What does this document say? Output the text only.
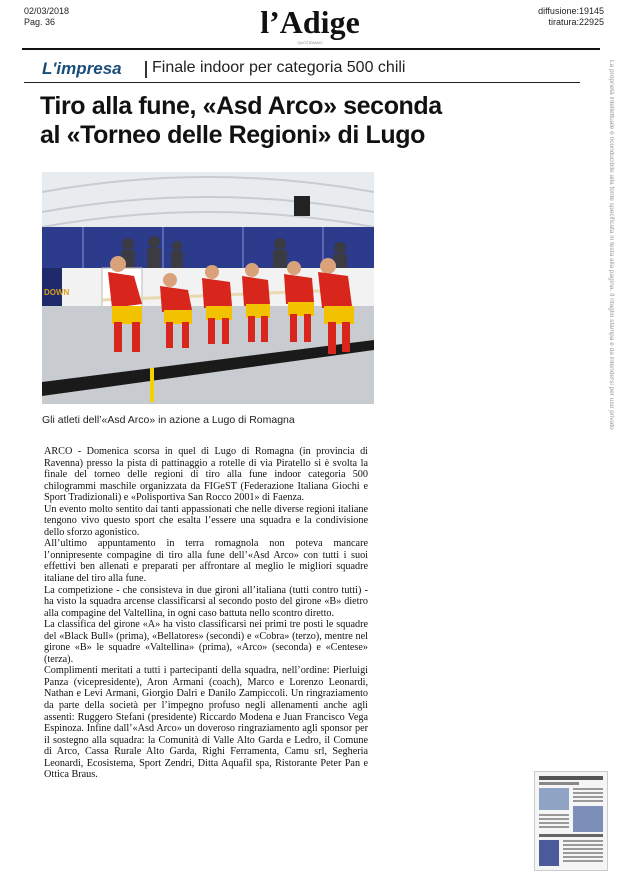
02/03/2018
Pag. 36	l’Adige
QUOTIDIANO
diffusione:19145
tiratura:22925
La proprietà intellettuale è riconducibile alla fonte specificata in testa alla pagina. Il ritaglio stampa è da intendersi per uso privato
L'impresa Finale indoor per categoria 500 chili
Tiro alla fune, «Asd Arco» seconda
al «Torneo delle Regioni» di Lugo
DOWN
Gli atleti dell’«Asd Arco» in azione a Lugo di Romagna

ARCO - Domenica scorsa in quel di Lugo di Romagna (in provincia di Ravenna) presso la pista di pattinaggio a rotelle di via Piratello si è svolta la finale del torneo delle regioni di tiro alla fune indoor categoria 500 chilogrammi maschile organizzata da FIGeST (Federazione Italiana Giochi e Sport Tradizionali) e «Polisportiva San Rocco 2001» di Faenza.

Un evento molto sentito dai tanti appassionati che nelle diverse regioni italiane tengono vivo questo sport che esalta l’essere una squadra e la condivisione dello sforzo agonistico.

All’ultimo appuntamento in terra romagnola non poteva mancare l’onnipresente compagine di tiro alla fune dell’«Asd Arco» con tutti i suoi effettivi ben allenati e preparati per affrontare al meglio le migliori squadre italiane del tiro alla fune.

La competizione - che consisteva in due gironi all’italiana (tutti contro tutti) - ha visto la squadra arcense classificarsi al secondo posto del girone «B» dietro alla compagine del Valtellina, in ogni caso battuta nello scontro diretto.

La classifica del girone «A» ha visto classificarsi nei primi tre posti le squadre del «Black Bull» (prima), «Bellatores» (secondi) e «Cobra» (terzo), mentre nel girone «B» le squadre «Valtellina» (prima), «Arco» (seconda) e «Centese» (terza).

Complimenti meritati a tutti i partecipanti della squadra, nell’ordine: Pierluigi Panza (vicepresidente), Aron Armani (coach), Marco e Lorenzo Leonardi, Nathan e Levi Armani, Giorgio Dalri e Danilo Zampiccoli. Un ringraziamento da parte della società per l’impegno profuso negli allenamenti anche agli assenti: Ruggero Stefani (presidente) Riccardo Modena e Juan Francisco Vega Espinoza. Infine dall’«Asd Arco» un doveroso ringraziamento agli sponsor per il sostegno alla squadra: la Comunità di Valle Alto Garda e Ledro, il Comune di Arco, Cassa Rurale Alto Garda, Righi Ferramenta, Camu srl, Segheria Leonardi, Ecosistema, Sport Zendri, Ditta Aquafil spa, Ristorante Peter Pan e Ottica Braus.
